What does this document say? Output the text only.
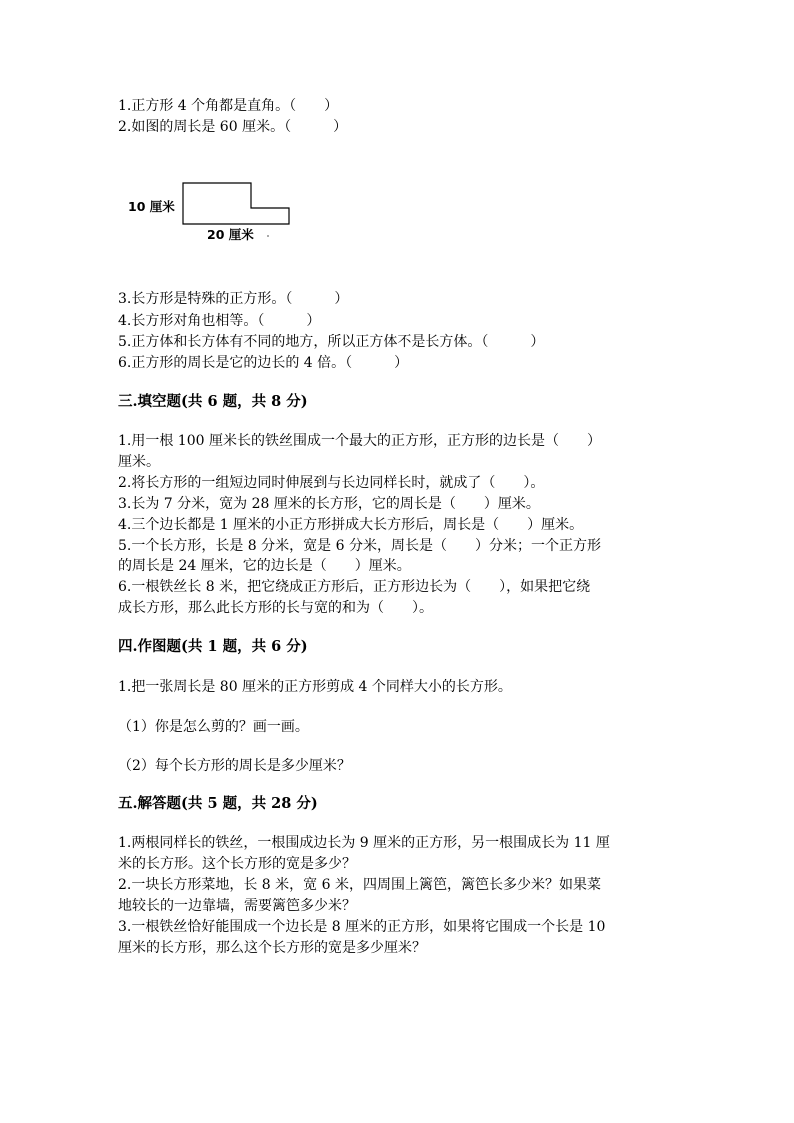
1.正方形 4 个角都是直角。（　　）
2.如图的周长是 60 厘米。（　　　）
10 厘米
20 厘米
3.长方形是特殊的正方形。（　　　）
4.长方形对角也相等。（　　　）
5.正方体和长方体有不同的地方，所以正方体不是长方体。（　　　）
6.正方形的周长是它的边长的 4 倍。（　　　）
三.填空题(共 6 题，共 8 分)
1.用一根 100 厘米长的铁丝围成一个最大的正方形，正方形的边长是（　　）
厘米。
2.将长方形的一组短边同时伸展到与长边同样长时，就成了（　　）。
3.长为 7 分米，宽为 28 厘米的长方形，它的周长是（　　）厘米。
4.三个边长都是 1 厘米的小正方形拼成大长方形后，周长是（　　）厘米。
5.一个长方形，长是 8 分米，宽是 6 分米，周长是（　　）分米；一个正方形
的周长是 24 厘米，它的边长是（　　）厘米。
6.一根铁丝长 8 米，把它绕成正方形后，正方形边长为（　　），如果把它绕
成长方形，那么此长方形的长与宽的和为（　　）。
四.作图题(共 1 题，共 6 分)
1.把一张周长是 80 厘米的正方形剪成 4 个同样大小的长方形。
（1）你是怎么剪的？画一画。
（2）每个长方形的周长是多少厘米？
五.解答题(共 5 题，共 28 分)
1.两根同样长的铁丝，一根围成边长为 9 厘米的正方形，另一根围成长为 11 厘
米的长方形。这个长方形的宽是多少？
2.一块长方形菜地，长 8 米，宽 6 米，四周围上篱笆，篱笆长多少米？如果菜
地较长的一边靠墙，需要篱笆多少米？
3.一根铁丝恰好能围成一个边长是 8 厘米的正方形，如果将它围成一个长是 10
厘米的长方形，那么这个长方形的宽是多少厘米？
